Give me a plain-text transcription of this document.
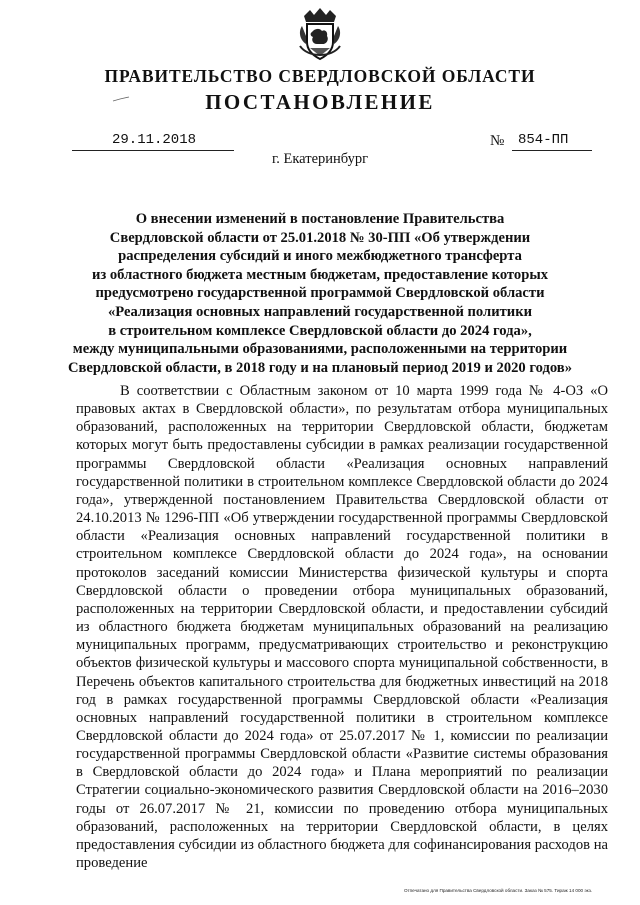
ПРАВИТЕЛЬСТВО СВЕРДЛОВСКОЙ ОБЛАСТИ
ПОСТАНОВЛЕНИЕ
29.11.2018	№ 854-ПП
г. Екатеринбург
О внесении изменений в постановление Правительства
Свердловской области от 25.01.2018 № 30-ПП «Об утверждении
распределения субсидий и иного межбюджетного трансферта
из областного бюджета местным бюджетам, предоставление которых
предусмотрено государственной программой Свердловской области
«Реализация основных направлений государственной политики
в строительном комплексе Свердловской области до 2024 года»,
между муниципальными образованиями, расположенными на территории
Свердловской области, в 2018 году и на плановый период 2019 и 2020 годов»
В соответствии с Областным законом от 10 марта 1999 года № 4-ОЗ «О правовых актах в Свердловской области», по результатам отбора муниципальных образований, расположенных на территории Свердловской области, бюджетам которых могут быть предоставлены субсидии в рамках реализации государственной программы Свердловской области «Реализация основных направлений государственной политики в строительном комплексе Свердловской области до 2024 года», утвержденной постановлением Правительства Свердловской области от 24.10.2013 № 1296-ПП «Об утверждении государственной программы Свердловской области «Реализация основных направлений государственной политики в строительном комплексе Свердловской области до 2024 года», на основании протоколов заседаний комиссии Министерства физической культуры и спорта Свердловской области о проведении отбора муниципальных образований, расположенных на территории Свердловской области, и предоставлении субсидий из областного бюджета бюджетам муниципальных образований на реализацию муниципальных программ, предусматривающих строительство и реконструкцию объектов физической культуры и массового спорта муниципальной собственности, в Перечень объектов капитального строительства для бюджетных инвестиций на 2018 год в рамках государственной программы Свердловской области «Реализация основных направлений государственной политики в строительном комплексе Свердловской области до 2024 года» от 25.07.2017 № 1, комиссии по реализации государственной программы Свердловской области «Развитие системы образования в Свердловской области до 2024 года» и Плана мероприятий по реализации Стратегии социально-экономического развития Свердловской области на 2016–2030 годы от 26.07.2017 № 21, комиссии по проведению отбора муниципальных образований, расположенных на территории Свердловской области, в целях предоставления субсидии из областного бюджета для софинансирования расходов на проведение
Отпечатано для Правительства Свердловской области. Заказ № 575. Тираж 14 000 экз.
